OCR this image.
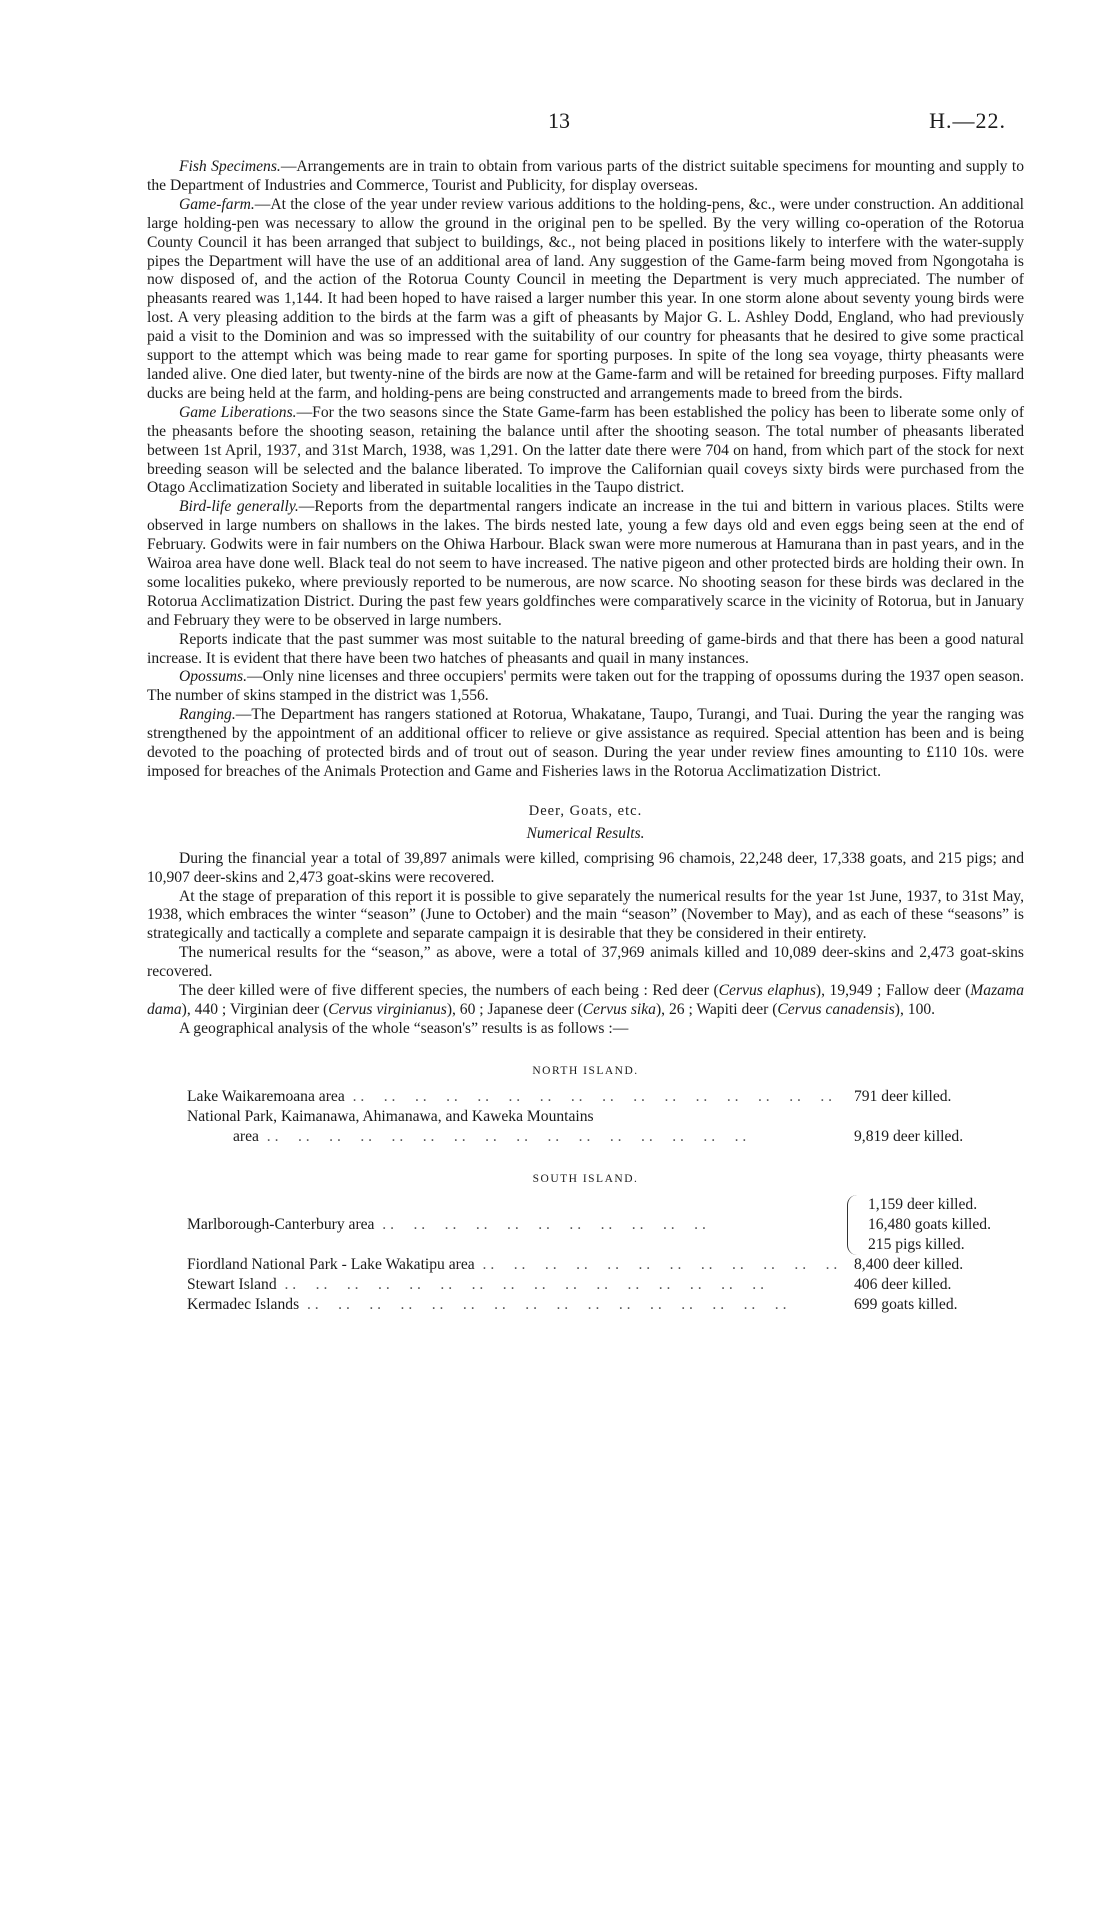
13	H.—22.

Fish Specimens.—Arrangements are in train to obtain from various parts of the district suitable specimens for mounting and supply to the Department of Industries and Commerce, Tourist and Publicity, for display overseas.

Game-farm.—At the close of the year under review various additions to the holding-pens, &c., were under construction. An additional large holding-pen was necessary to allow the ground in the original pen to be spelled. By the very willing co-operation of the Rotorua County Council it has been arranged that subject to buildings, &c., not being placed in positions likely to interfere with the water-supply pipes the Department will have the use of an additional area of land. Any suggestion of the Game-farm being moved from Ngongotaha is now disposed of, and the action of the Rotorua County Council in meeting the Department is very much appreciated. The number of pheasants reared was 1,144. It had been hoped to have raised a larger number this year. In one storm alone about seventy young birds were lost. A very pleasing addition to the birds at the farm was a gift of pheasants by Major G. L. Ashley Dodd, England, who had previously paid a visit to the Dominion and was so impressed with the suitability of our country for pheasants that he desired to give some practical support to the attempt which was being made to rear game for sporting purposes. In spite of the long sea voyage, thirty pheasants were landed alive. One died later, but twenty-nine of the birds are now at the Game-farm and will be retained for breeding purposes. Fifty mallard ducks are being held at the farm, and holding-pens are being constructed and arrangements made to breed from the birds.

Game Liberations.—For the two seasons since the State Game-farm has been established the policy has been to liberate some only of the pheasants before the shooting season, retaining the balance until after the shooting season. The total number of pheasants liberated between 1st April, 1937, and 31st March, 1938, was 1,291. On the latter date there were 704 on hand, from which part of the stock for next breeding season will be selected and the balance liberated. To improve the Californian quail coveys sixty birds were purchased from the Otago Acclimatization Society and liberated in suitable localities in the Taupo district.

Bird-life generally.—Reports from the departmental rangers indicate an increase in the tui and bittern in various places. Stilts were observed in large numbers on shallows in the lakes. The birds nested late, young a few days old and even eggs being seen at the end of February. Godwits were in fair numbers on the Ohiwa Harbour. Black swan were more numerous at Hamurana than in past years, and in the Wairoa area have done well. Black teal do not seem to have increased. The native pigeon and other protected birds are holding their own. In some localities pukeko, where previously reported to be numerous, are now scarce. No shooting season for these birds was declared in the Rotorua Acclimatization District. During the past few years goldfinches were comparatively scarce in the vicinity of Rotorua, but in January and February they were to be observed in large numbers.

Reports indicate that the past summer was most suitable to the natural breeding of game-birds and that there has been a good natural increase. It is evident that there have been two hatches of pheasants and quail in many instances.

Opossums.—Only nine licenses and three occupiers' permits were taken out for the trapping of opossums during the 1937 open season. The number of skins stamped in the district was 1,556.

Ranging.—The Department has rangers stationed at Rotorua, Whakatane, Taupo, Turangi, and Tuai. During the year the ranging was strengthened by the appointment of an additional officer to relieve or give assistance as required. Special attention has been and is being devoted to the poaching of protected birds and of trout out of season. During the year under review fines amounting to £110 10s. were imposed for breaches of the Animals Protection and Game and Fisheries laws in the Rotorua Acclimatization District.

Deer, Goats, etc.
Numerical Results.

During the financial year a total of 39,897 animals were killed, comprising 96 chamois, 22,248 deer, 17,338 goats, and 215 pigs; and 10,907 deer-skins and 2,473 goat-skins were recovered.

At the stage of preparation of this report it is possible to give separately the numerical results for the year 1st June, 1937, to 31st May, 1938, which embraces the winter “season” (June to October) and the main “season” (November to May), and as each of these “seasons” is strategically and tactically a complete and separate campaign it is desirable that they be considered in their entirety.

The numerical results for the “season,” as above, were a total of 37,969 animals killed and 10,089 deer-skins and 2,473 goat-skins recovered.

The deer killed were of five different species, the numbers of each being : Red deer (Cervus elaphus), 19,949 ; Fallow deer (Mazama dama), 440 ; Virginian deer (Cervus virginianus), 60 ; Japanese deer (Cervus sika), 26 ; Wapiti deer (Cervus canadensis), 100.

A geographical analysis of the whole “season's” results is as follows :—

NORTH ISLAND.
Lake Waikaremoana area . .	791 deer killed.
National Park, Kaimanawa, Ahimanawa, and Kaweka Mountains
area . .	9,819 deer killed.
SOUTH ISLAND.
Marlborough-Canterbury area . .
1,159 deer killed.
16,480 goats killed.
215 pigs killed.
Fiordland National Park - Lake Wakatipu area . .	8,400 deer killed.
Stewart Island . .	406 deer killed.
Kermadec Islands . .	699 goats killed.
